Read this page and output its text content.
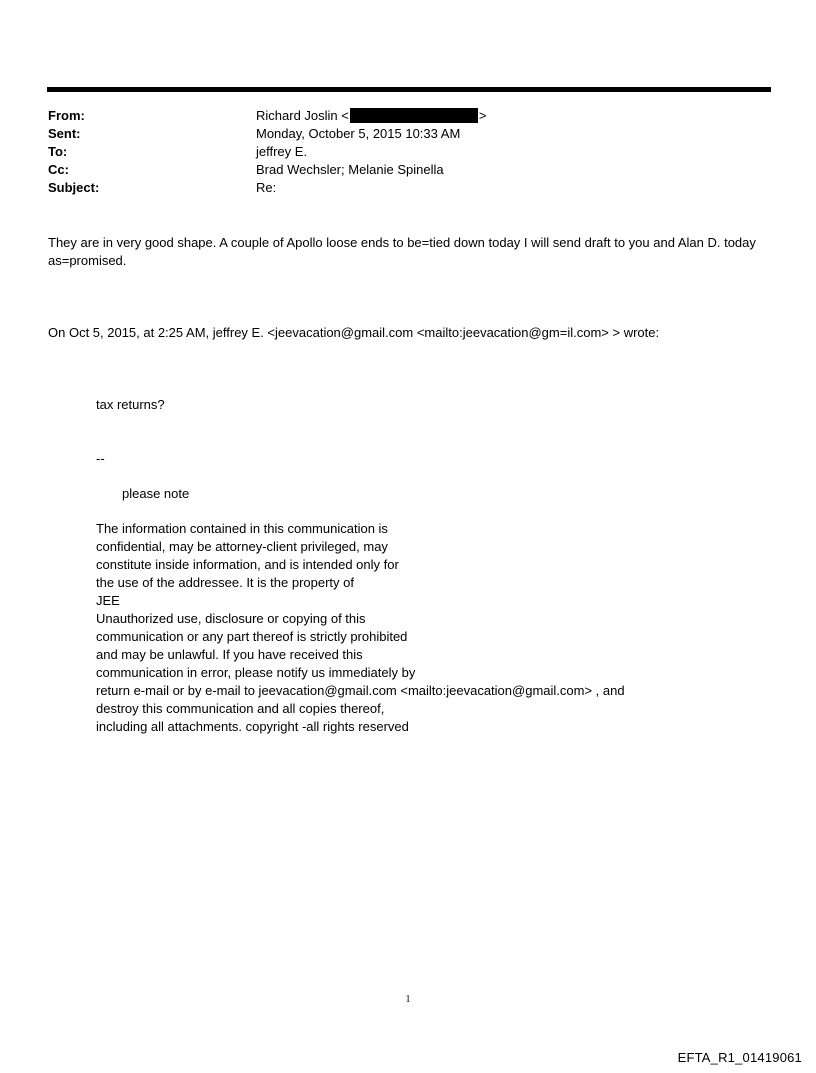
From:	Richard Joslin <	>
Sent:	Monday, October 5, 2015 10:33 AM
To:	jeffrey E.
Cc:	Brad Wechsler; Melanie Spinella
Subject:	Re:
They are in very good shape. A couple of Apollo loose ends to be=tied down today I will send draft to you and Alan D. today as=promised.
On Oct 5, 2015, at 2:25 AM, jeffrey E. <jeevacation@gmail.com <mailto:jeevacation@gm=il.com> > wrote:
tax returns?
--
please note
The information contained in this communication is
confidential, may be attorney-client privileged, may
constitute inside information, and is intended only for
the use of the addressee. It is the property of
JEE
Unauthorized use, disclosure or copying of this
communication or any part thereof is strictly prohibited
and may be unlawful. If you have received this
communication in error, please notify us immediately by
return e-mail or by e-mail to jeevacation@gmail.com <mailto:jeevacation@gmail.com> , and
destroy this communication and all copies thereof,
including all attachments. copyright -all rights reserved
1
EFTA_R1_01419061
